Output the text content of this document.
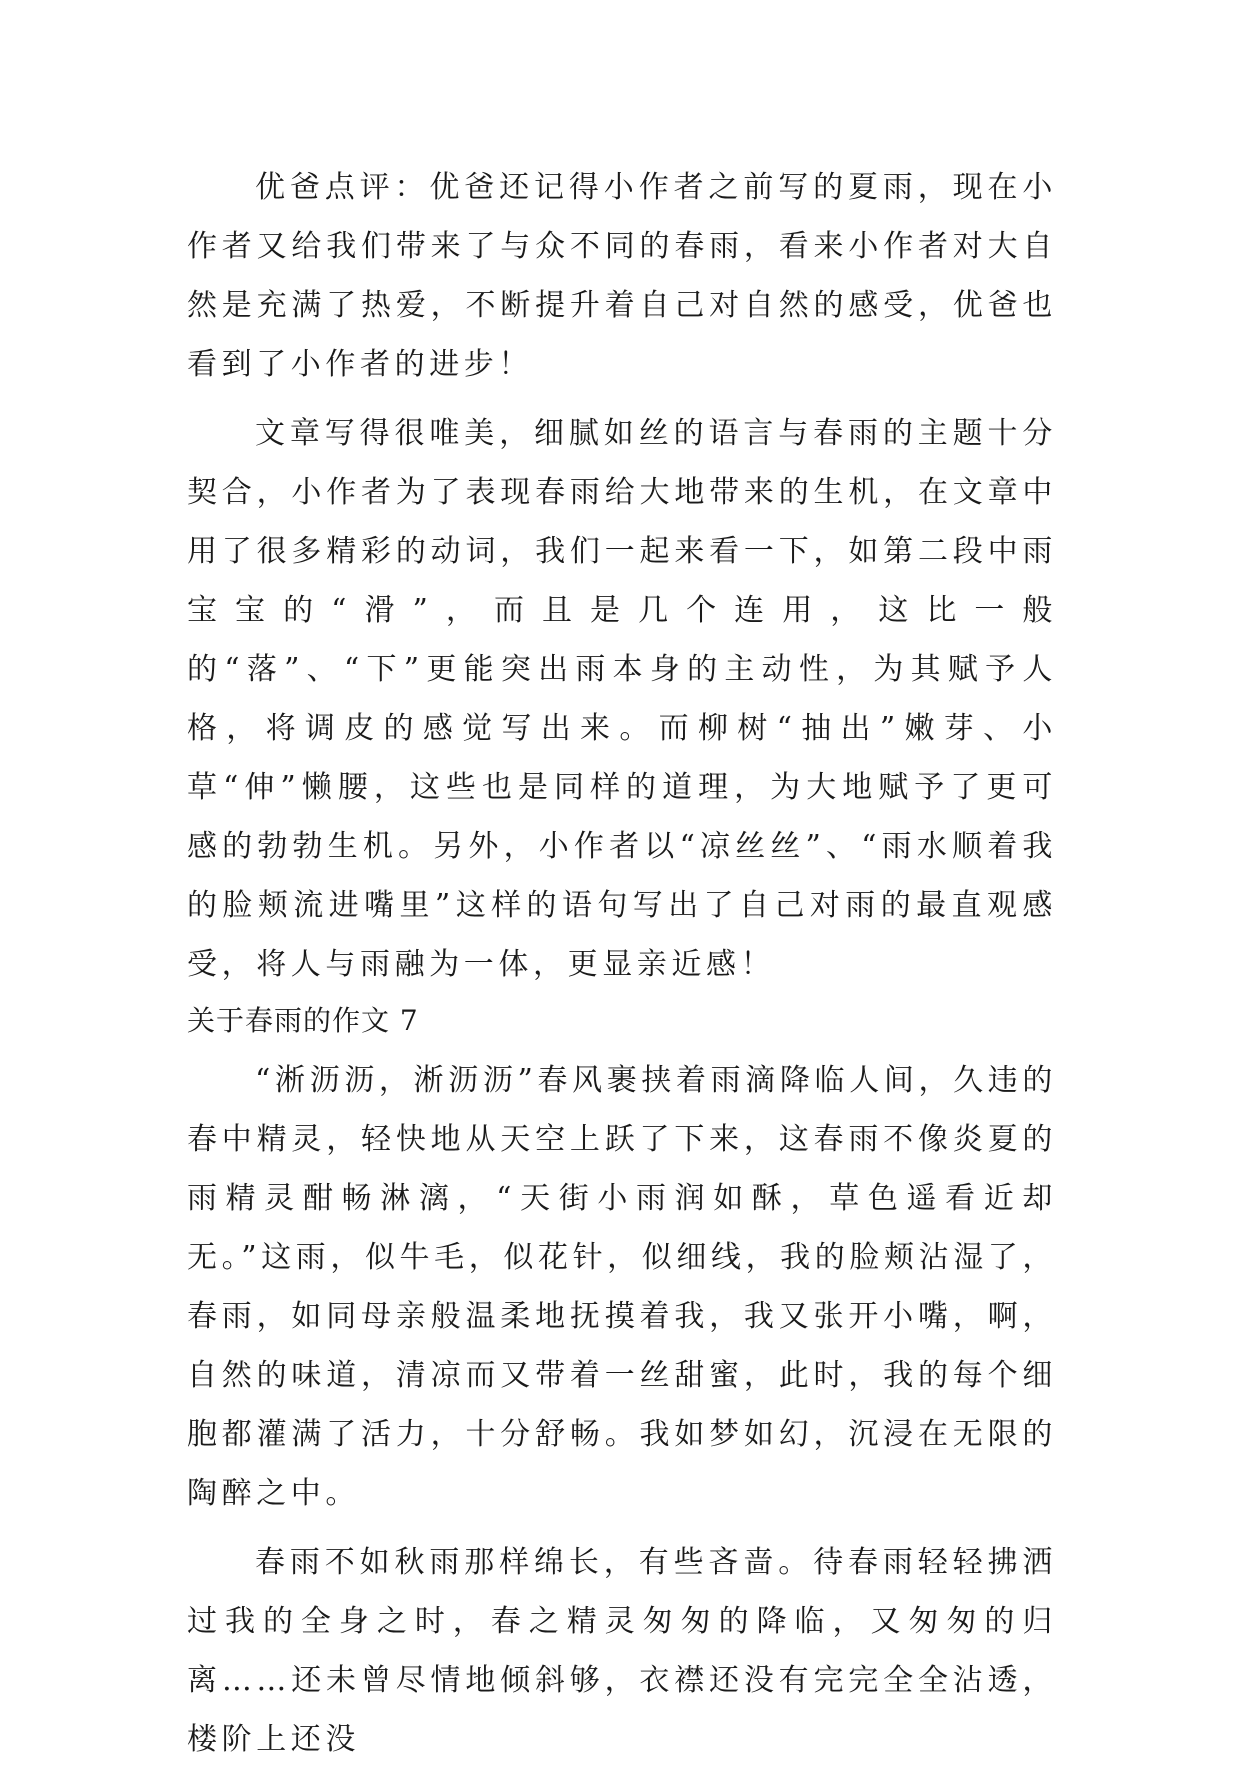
优爸点评：优爸还记得小作者之前写的夏雨，现在小作者又给我们带来了与众不同的春雨，看来小作者对大自然是充满了热爱，不断提升着自己对自然的感受，优爸也看到了小作者的进步！

文章写得很唯美，细腻如丝的语言与春雨的主题十分契合，小作者为了表现春雨给大地带来的生机，在文章中用了很多精彩的动词，我们一起来看一下，如第二段中雨宝宝的“滑”，而且是几个连用，这比一般的“落”、“下”更能突出雨本身的主动性，为其赋予人格，将调皮的感觉写出来。而柳树“抽出”嫩芽、小草“伸”懒腰，这些也是同样的道理，为大地赋予了更可感的勃勃生机。另外，小作者以“凉丝丝”、“雨水顺着我的脸颊流进嘴里”这样的语句写出了自己对雨的最直观感受，将人与雨融为一体，更显亲近感！

关于春雨的作文 7

“淅沥沥，淅沥沥”春风裹挟着雨滴降临人间，久违的春中精灵，轻快地从天空上跃了下来，这春雨不像炎夏的雨精灵酣畅淋漓，“天街小雨润如酥，草色遥看近却无。”这雨，似牛毛，似花针，似细线，我的脸颊沾湿了，春雨，如同母亲般温柔地抚摸着我，我又张开小嘴，啊，自然的味道，清凉而又带着一丝甜蜜，此时，我的每个细胞都灌满了活力，十分舒畅。我如梦如幻，沉浸在无限的陶醉之中。

春雨不如秋雨那样绵长，有些吝啬。待春雨轻轻拂洒过我的全身之时，春之精灵匆匆的降临，又匆匆的归离……还未曾尽情地倾斜够，衣襟还没有完完全全沾透，楼阶上还没
